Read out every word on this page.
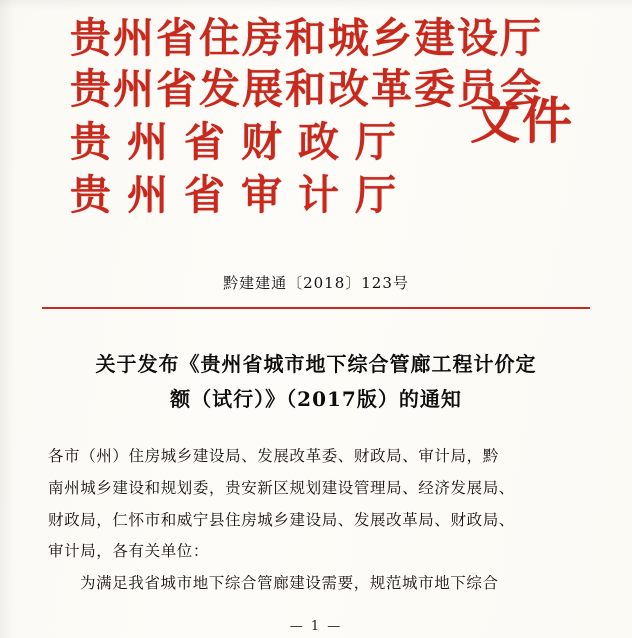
贵州省住房和城乡建设厅
贵州省发展和改革委员会
贵州省财政厅
贵州省审计厅
文件
黔建建通〔2018〕123号
关于发布《贵州省城市地下综合管廊工程计价定
额（试行）》（2017版）的通知
各市（州）住房城乡建设局、发展改革委、财政局、审计局，黔
南州城乡建设和规划委，贵安新区规划建设管理局、经济发展局、
财政局，仁怀市和威宁县住房城乡建设局、发展改革局、财政局、
审计局，各有关单位：
为满足我省城市地下综合管廊建设需要，规范城市地下综合
— 1 —
